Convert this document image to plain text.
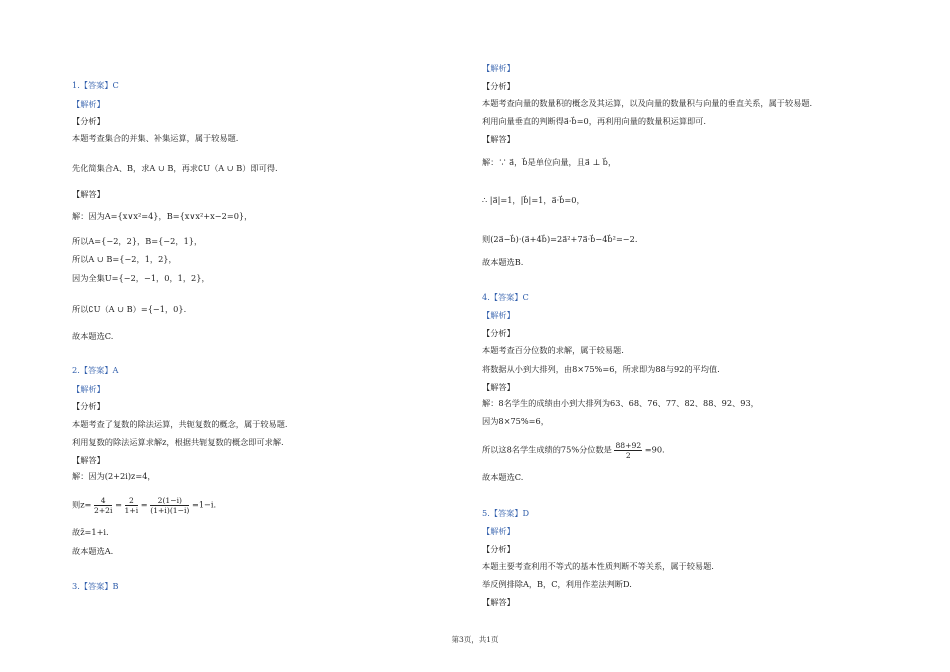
1.【答案】C
【解析】
【分析】
本题考查集合的并集、补集运算，属于较易题.
先化简集合A、B，求A ∪ B，再求∁U（A ∪ B）即可得.
【解答】
解：因为A={x∨x²=4}，B={x∨x²+x−2=0}，
所以A={−2，2}，B={−2，1}，
所以A ∪ B={−2，1，2}，
因为全集U={−2，−1，0，1，2}，
所以∁U（A ∪ B）={−1，0}.
故本题选C.
2.【答案】A
【解析】
【分析】
本题考查了复数的除法运算，共轭复数的概念，属于较易题.
利用复数的除法运算求解z，根据共轭复数的概念即可求解.
【解答】
解：因为(2+2i)z=4，
故z̄=1+i.
故本题选A.
3.【答案】B
【解析】
【分析】
本题考查向量的数量积的概念及其运算，以及向量的数量积与向量的垂直关系，属于较易题.
利用向量垂直的判断得a⃗·b⃗=0，再利用向量的数量积运算即可.
【解答】
解：∵ a⃗，b⃗是单位向量，且a⃗ ⊥ b⃗，
∴ |a⃗|=1，|b⃗|=1，a⃗·b⃗=0，
则(2a⃗−b⃗)·(a⃗+4b⃗)=2a⃗²+7a⃗·b⃗−4b⃗²=−2.
故本题选B.
4.【答案】C
【解析】
【分析】
本题考查百分位数的求解，属于较易题.
将数据从小到大排列，由8×75%=6，所求即为88与92的平均值.
【解答】
解：8名学生的成绩由小到大排列为63、68、76、77、82、88、92、93，
因为8×75%=6，
故本题选C.
5.【答案】D
【解析】
【分析】
本题主要考查利用不等式的基本性质判断不等关系，属于较易题.
举反例排除A，B，C，利用作差法判断D.
【解答】
则$z= \frac{4}{2+2i} = \frac{2}{1+i} = \frac{2(1-i)}{(1+i)(1-i)} =1-i$.
所以这8名学生成绩的75%分位数是 $\frac{88+92}{2} =90$.
第3页，共1页
